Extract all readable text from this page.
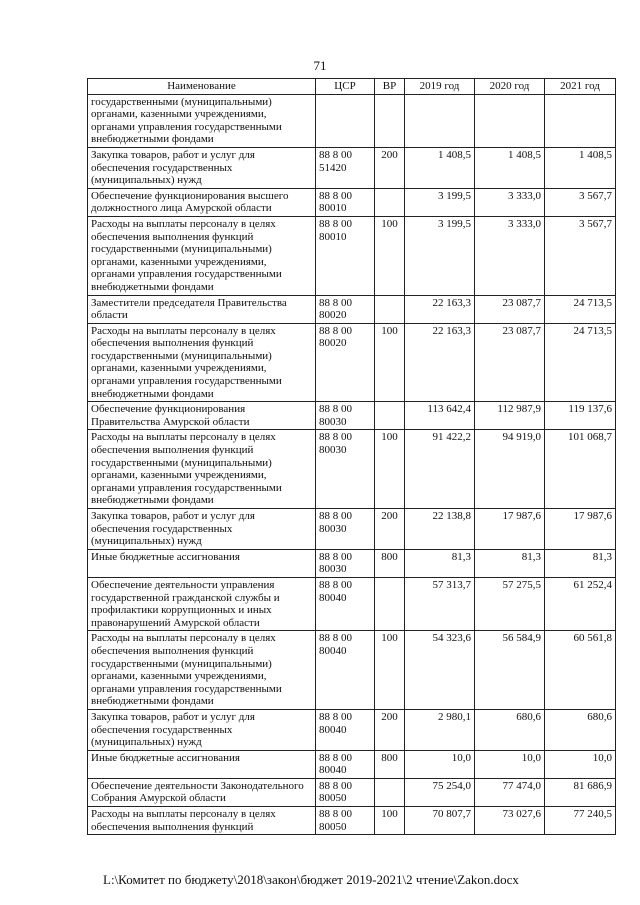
71
Наименование	ЦСР	ВР	2019 год	2020 год	2021 год
государственными (муниципальными) органами, казенными учреждениями, органами управления государственными внебюджетными фондами					
Закупка товаров, работ и услуг для обеспечения государственных (муниципальных) нужд	88 8 00 51420	200	1 408,5	1 408,5	1 408,5
Обеспечение функционирования высшего должностного лица Амурской области	88 8 00 80010		3 199,5	3 333,0	3 567,7
Расходы на выплаты персоналу в целях обеспечения выполнения функций государственными (муниципальными) органами, казенными учреждениями, органами управления государственными внебюджетными фондами	88 8 00 80010	100	3 199,5	3 333,0	3 567,7
Заместители председателя Правительства области	88 8 00 80020		22 163,3	23 087,7	24 713,5
Расходы на выплаты персоналу в целях обеспечения выполнения функций государственными (муниципальными) органами, казенными учреждениями, органами управления государственными внебюджетными фондами	88 8 00 80020	100	22 163,3	23 087,7	24 713,5
Обеспечение функционирования Правительства Амурской области	88 8 00 80030		113 642,4	112 987,9	119 137,6
Расходы на выплаты персоналу в целях обеспечения выполнения функций государственными (муниципальными) органами, казенными учреждениями, органами управления государственными внебюджетными фондами	88 8 00 80030	100	91 422,2	94 919,0	101 068,7
Закупка товаров, работ и услуг для обеспечения государственных (муниципальных) нужд	88 8 00 80030	200	22 138,8	17 987,6	17 987,6
Иные бюджетные ассигнования	88 8 00 80030	800	81,3	81,3	81,3
Обеспечение деятельности управления государственной гражданской службы и профилактики коррупционных и иных правонарушений Амурской области	88 8 00 80040		57 313,7	57 275,5	61 252,4
Расходы на выплаты персоналу в целях обеспечения выполнения функций государственными (муниципальными) органами, казенными учреждениями, органами управления государственными внебюджетными фондами	88 8 00 80040	100	54 323,6	56 584,9	60 561,8
Закупка товаров, работ и услуг для обеспечения государственных (муниципальных) нужд	88 8 00 80040	200	2 980,1	680,6	680,6
Иные бюджетные ассигнования	88 8 00 80040	800	10,0	10,0	10,0
Обеспечение деятельности Законодательного Собрания Амурской области	88 8 00 80050		75 254,0	77 474,0	81 686,9
Расходы на выплаты персоналу в целях обеспечения выполнения функций	88 8 00 80050	100	70 807,7	73 027,6	77 240,5
L:\Комитет по бюджету\2018\закон\бюджет 2019-2021\2 чтение\Zakon.docx
